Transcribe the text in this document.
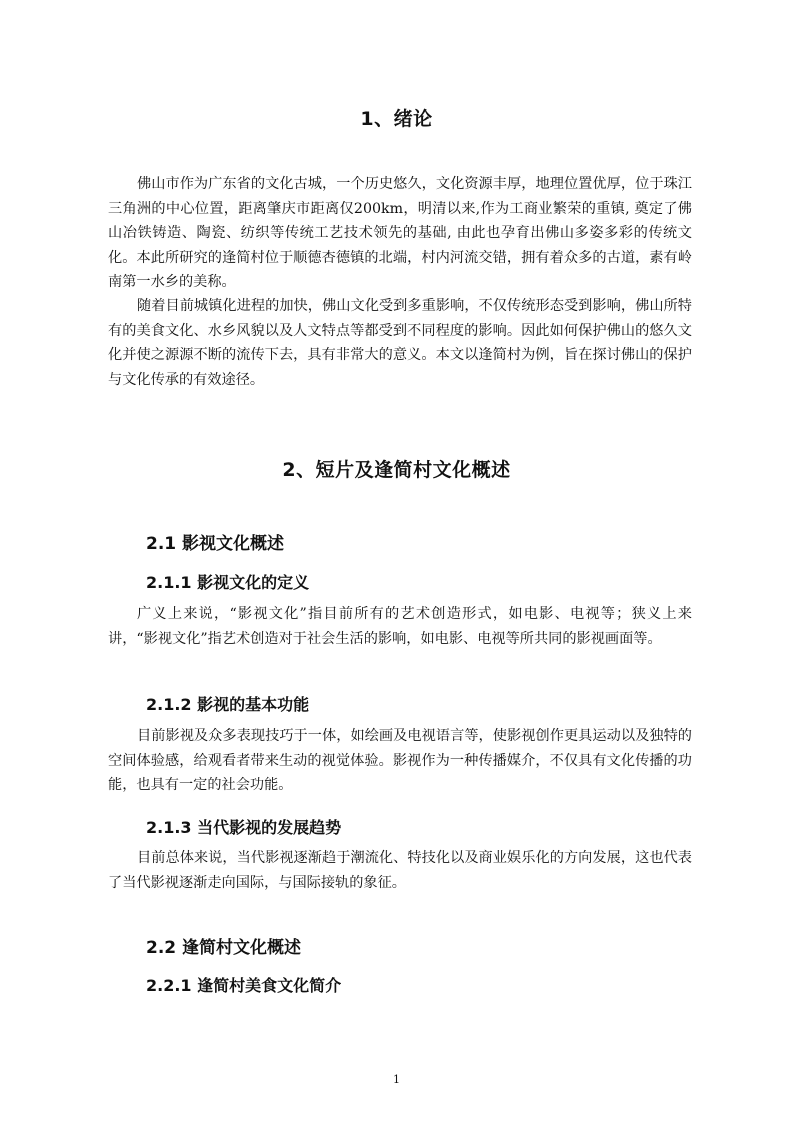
1、绪论

佛山市作为广东省的文化古城，一个历史悠久，文化资源丰厚，地理位置优厚，位于珠江三角洲的中心位置，距离肇庆市距离仅200km，明清以来,作为工商业繁荣的重镇, 奠定了佛山冶铁铸造、陶瓷、纺织等传统工艺技术领先的基础, 由此也孕育出佛山多姿多彩的传统文化。本此所研究的逢简村位于顺德杏德镇的北端，村内河流交错，拥有着众多的古道，素有岭南第一水乡的美称。

随着目前城镇化进程的加快，佛山文化受到多重影响，不仅传统形态受到影响，佛山所特有的美食文化、水乡风貌以及人文特点等都受到不同程度的影响。因此如何保护佛山的悠久文化并使之源源不断的流传下去，具有非常大的意义。本文以逢简村为例，旨在探讨佛山的保护与文化传承的有效途径。

2、短片及逢简村文化概述
2.1 影视文化概述
2.1.1 影视文化的定义

广义上来说，“影视文化”指目前所有的艺术创造形式，如电影、电视等；狭义上来讲，“影视文化”指艺术创造对于社会生活的影响，如电影、电视等所共同的影视画面等。

2.1.2 影视的基本功能

目前影视及众多表现技巧于一体，如绘画及电视语言等，使影视创作更具运动以及独特的空间体验感，给观看者带来生动的视觉体验。影视作为一种传播媒介，不仅具有文化传播的功能，也具有一定的社会功能。

2.1.3 当代影视的发展趋势

目前总体来说，当代影视逐渐趋于潮流化、特技化以及商业娱乐化的方向发展，这也代表了当代影视逐渐走向国际，与国际接轨的象征。

2.2 逢简村文化概述
2.2.1 逢简村美食文化简介
1
